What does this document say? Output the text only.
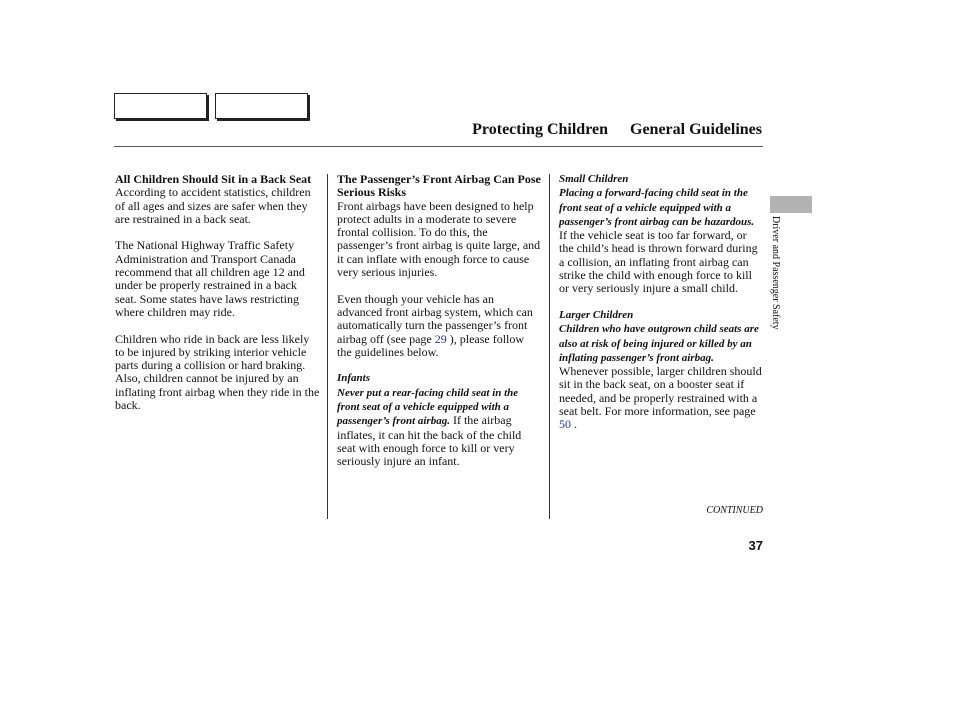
Protecting Children General Guidelines
All Children Should Sit in a Back Seat

According to accident statistics, children of all ages and sizes are safer when they are restrained in a back seat.

The National Highway Traffic Safety Administration and Transport Canada recommend that all children age 12 and under be properly restrained in a back seat. Some states have laws restricting where children may ride.

Children who ride in back are less likely to be injured by striking interior vehicle parts during a collision or hard braking. Also, children cannot be injured by an inflating front airbag when they ride in the back.

The Passenger’s Front Airbag Can Pose Serious Risks

Front airbags have been designed to help protect adults in a moderate to severe frontal collision. To do this, the passenger’s front airbag is quite large, and it can inflate with enough force to cause very serious injuries.

Even though your vehicle has an advanced front airbag system, which can automatically turn the passenger’s front airbag off (see page 29 ), please follow the guidelines below.

Infants

Never put a rear-facing child seat in the front seat of a vehicle equipped with a passenger’s front airbag. If the airbag inflates, it can hit the back of the child seat with enough force to kill or very seriously injure an infant.

Small Children

Placing a forward-facing child seat in the front seat of a vehicle equipped with a passenger’s front airbag can be hazardous. If the vehicle seat is too far forward, or the child’s head is thrown forward during a collision, an inflating front airbag can strike the child with enough force to kill or very seriously injure a small child.

Larger Children

Children who have outgrown child seats are also at risk of being injured or killed by an inflating passenger’s front airbag. Whenever possible, larger children should sit in the back seat, on a booster seat if needed, and be properly restrained with a seat belt. For more information, see page 50 .

CONTINUED
37
Driver and Passenger Safety
